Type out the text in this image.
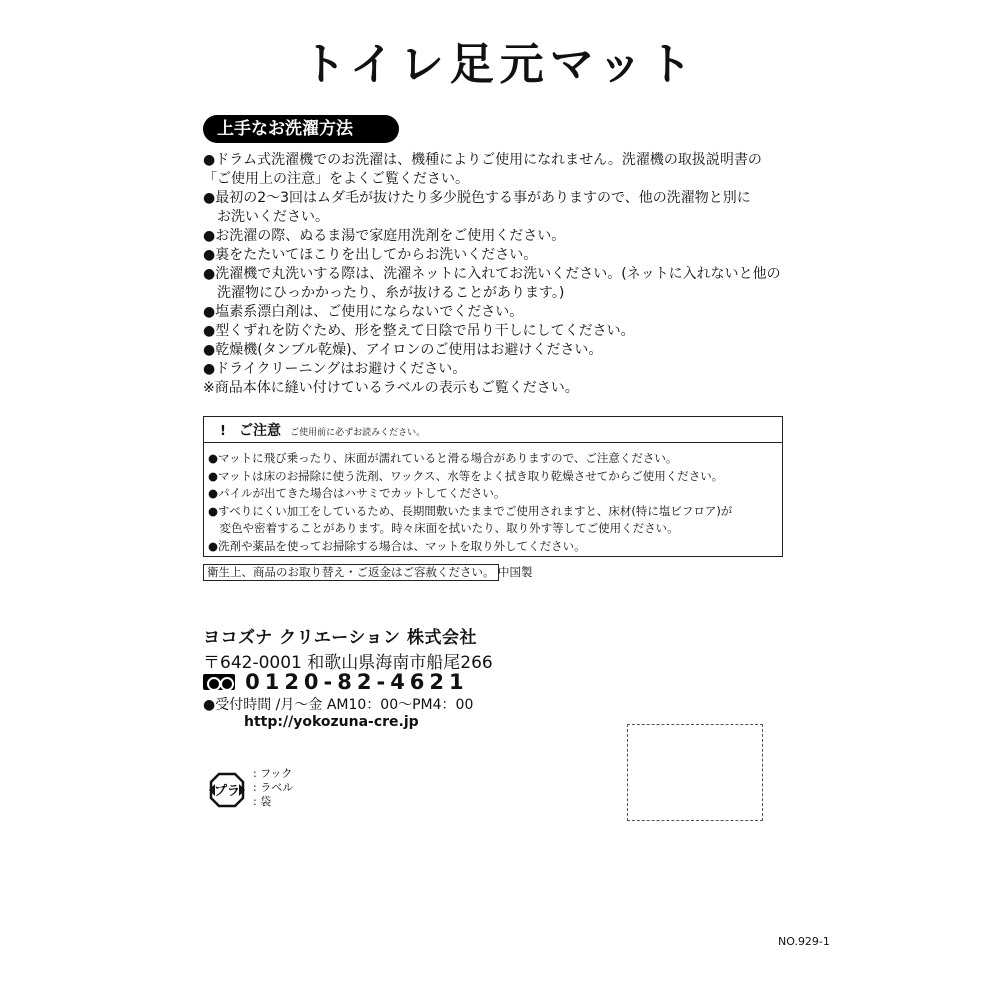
トイレ足元マット
上手なお洗濯方法

●ドラム式洗濯機でのお洗濯は、機種によりご使用になれません。洗濯機の取扱説明書の

「ご使用上の注意」をよくご覧ください。

●最初の2～3回はムダ毛が抜けたり多少脱色する事がありますので、他の洗濯物と別に

　お洗いください。

●お洗濯の際、ぬるま湯で家庭用洗剤をご使用ください。

●裏をたたいてほこりを出してからお洗いください。

●洗濯機で丸洗いする際は、洗濯ネットに入れてお洗いください。(ネットに入れないと他の

　洗濯物にひっかかったり、糸が抜けることがあります。)

●塩素系漂白剤は、ご使用にならないでください。

●型くずれを防ぐため、形を整えて日陰で吊り干しにしてください。

●乾燥機(タンブル乾燥)、アイロンのご使用はお避けください。

●ドライクリーニングはお避けください。

※商品本体に縫い付けているラベルの表示もご覧ください。

! ご注意 ご使用前に必ずお読みください。

●マットに飛び乗ったり、床面が濡れていると滑る場合がありますので、ご注意ください。

●マットは床のお掃除に使う洗剤、ワックス、水等をよく拭き取り乾燥させてからご使用ください。

●パイルが出てきた場合はハサミでカットしてください。

●すべりにくい加工をしているため、長期間敷いたままでご使用されますと、床材(特に塩ビフロア)が

　変色や密着することがあります。時々床面を拭いたり、取り外す等してご使用ください。

●洗剤や薬品を使ってお掃除する場合は、マットを取り外してください。

衛生上、商品のお取り替え・ご返金はご容赦ください。 中国製
ヨコズナ クリエーション 株式会社
〒642-0001 和歌山県海南市船尾266
0120-82-4621
●受付時間 /月～金 AM10：00～PM4：00
http://yokozuna-cre.jp
プラ
: フック
: ラベル
: 袋
NO.929-1
